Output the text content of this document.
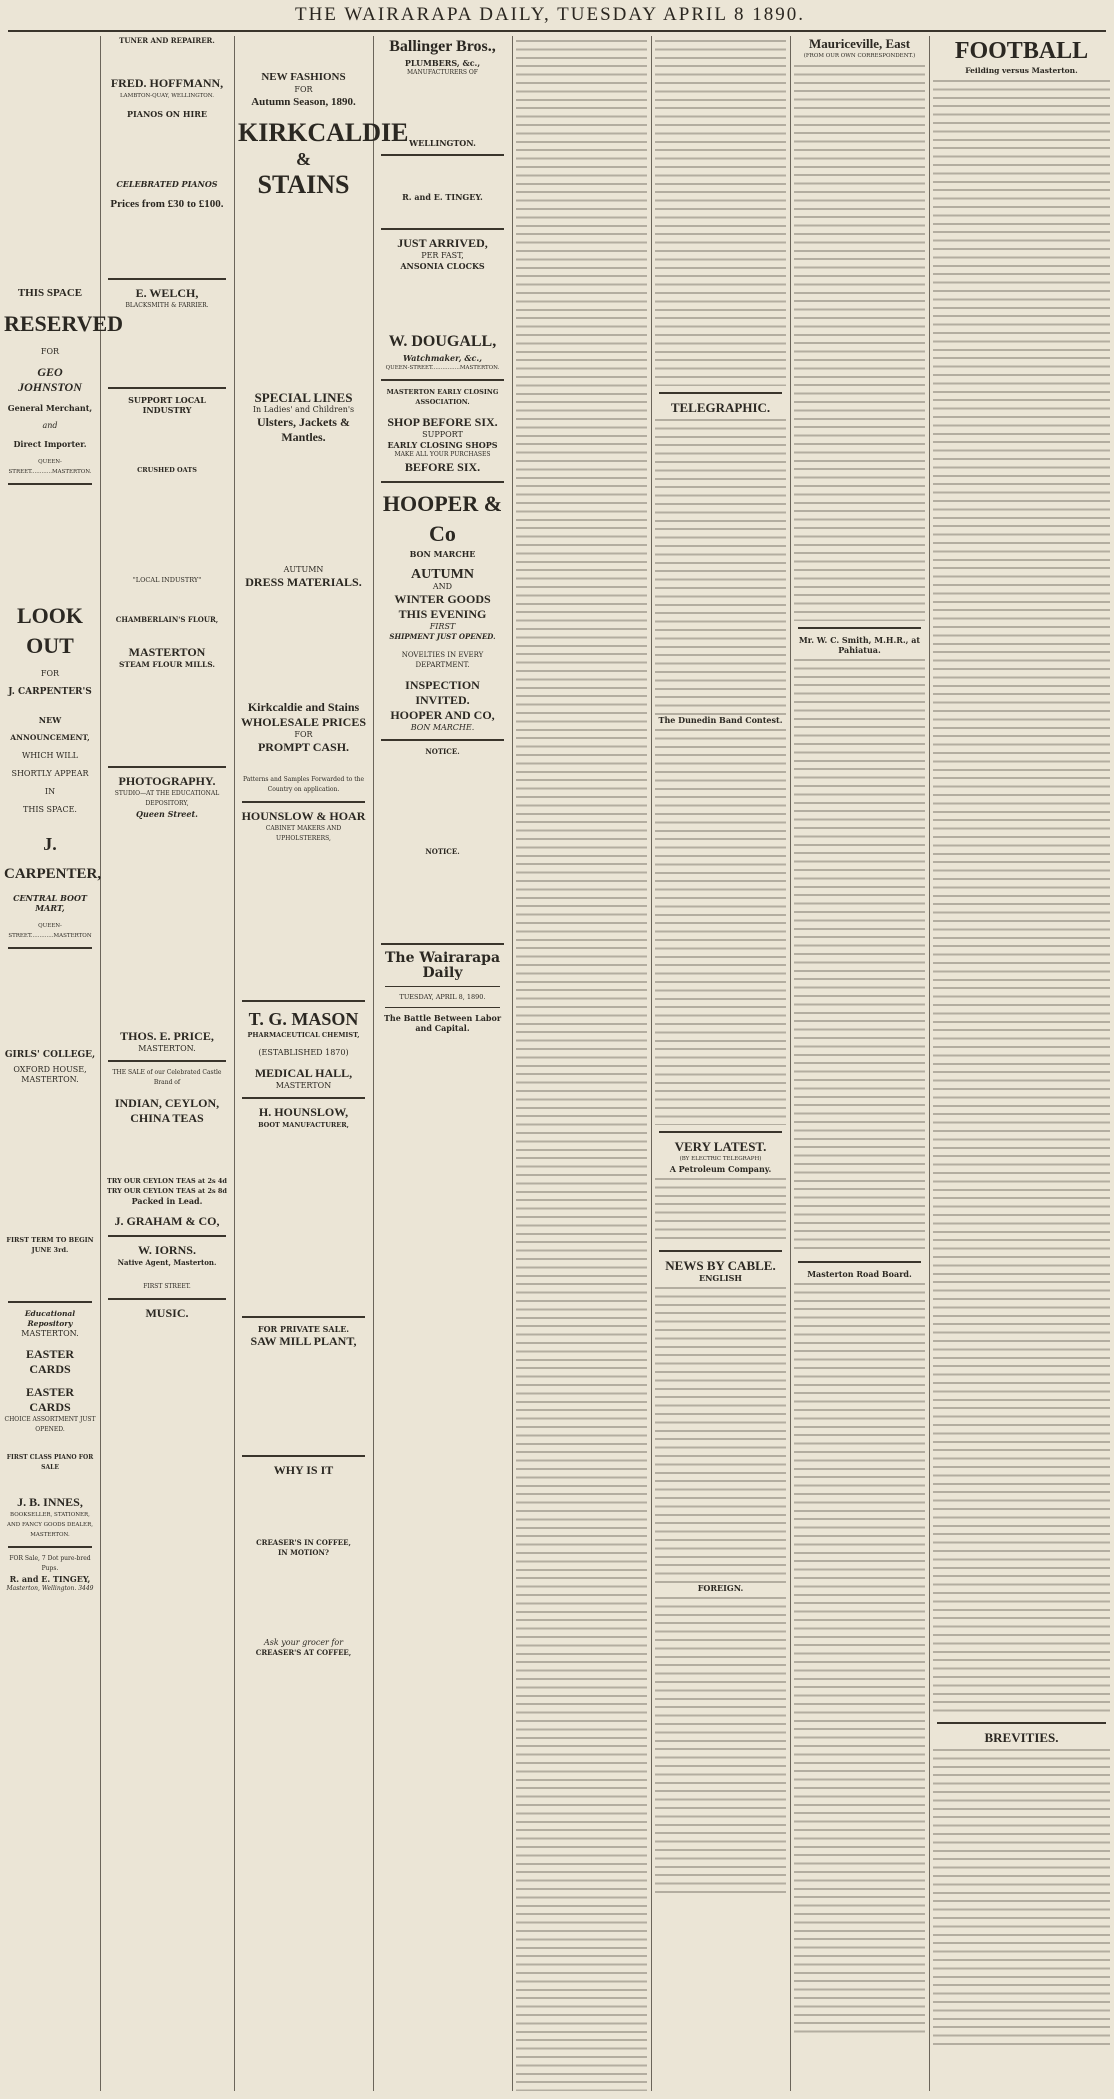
THE WAIRARAPA DAILY, TUESDAY APRIL 8 1890.
THIS SPACE
RESERVED
FOR
GEO JOHNSTON
General Merchant,
and
Direct Importer.
QUEEN-STREET............MASTERTON.
LOOK OUT
FOR
J. CARPENTER'S
NEW
ANNOUNCEMENT,
WHICH WILL
SHORTLY APPEAR
IN
THIS SPACE.
J.
CARPENTER,
CENTRAL BOOT MART,
QUEEN-STREET.............MASTERTON
GIRLS' COLLEGE,
OXFORD HOUSE,
MASTERTON.
FIRST TERM TO BEGIN JUNE 3rd.
Educational Repository
MASTERTON.
EASTER CARDS
EASTER CARDS
CHOICE ASSORTMENT JUST OPENED.
FIRST CLASS PIANO FOR SALE
J. B. INNES,
BOOKSELLER, STATIONER, AND FANCY GOODS DEALER, MASTERTON.
FOR Sale, 7 Dot pure-bred Pups.
R. and E. TINGEY,
Masterton, Wellington. 3449
TUNER AND REPAIRER.
FRED. HOFFMANN,
LAMBTON-QUAY, WELLINGTON.
PIANOS ON HIRE
CELEBRATED PIANOS
Prices from £30 to £100.
E. WELCH,
BLACKSMITH & FARRIER.
SUPPORT LOCAL INDUSTRY
CRUSHED OATS
"LOCAL INDUSTRY"
CHAMBERLAIN'S FLOUR,
MASTERTON
STEAM FLOUR MILLS.
PHOTOGRAPHY.
STUDIO—AT THE EDUCATIONAL DEPOSITORY,
Queen Street.
THOS. E. PRICE,
MASTERTON.
THE SALE of our Celebrated Castle Brand of
INDIAN, CEYLON,
CHINA TEAS
TRY OUR CEYLON TEAS at 2s 4d
TRY OUR CEYLON TEAS at 2s 8d
Packed in Lead.
J. GRAHAM & CO,
W. IORNS.
Native Agent, Masterton.
FIRST STREET.
MUSIC.
NEW FASHIONS
FOR
Autumn Season, 1890.
KIRKCALDIE
&
STAINS
SPECIAL LINES
In Ladies' and Children's
Ulsters, Jackets & Mantles.
AUTUMN
DRESS MATERIALS.
Kirkcaldie and Stains
WHOLESALE PRICES
FOR
PROMPT CASH.
Patterns and Samples Forwarded to the Country on application.
HOUNSLOW & HOAR
CABINET MAKERS AND UPHOLSTERERS,
T. G. MASON
PHARMACEUTICAL CHEMIST,
(ESTABLISHED 1870)
MEDICAL HALL,
MASTERTON
H. HOUNSLOW,
BOOT MANUFACTURER,
FOR PRIVATE SALE.
SAW MILL PLANT,
WHY IS IT
CREASER'S IN COFFEE,
IN MOTION?
Ask your grocer for
CREASER'S AT COFFEE,
Ballinger Bros.,
PLUMBERS, &c.,
MANUFACTURERS OF
WELLINGTON.
R. and E. TINGEY.
JUST ARRIVED,
PER FAST,
ANSONIA CLOCKS
W. DOUGALL,
Watchmaker, &c.,
QUEEN-STREET................MASTERTON.
MASTERTON EARLY CLOSING ASSOCIATION.
SHOP BEFORE SIX.
SUPPORT
EARLY CLOSING SHOPS
MAKE ALL YOUR PURCHASES
BEFORE SIX.
HOOPER & Co
BON MARCHE
AUTUMN
AND
WINTER GOODS
THIS EVENING
FIRST
SHIPMENT JUST OPENED.
NOVELTIES IN EVERY DEPARTMENT.
INSPECTION INVITED.
HOOPER AND CO,
BON MARCHE.
NOTICE.
NOTICE.
The Wairarapa Daily
TUESDAY, APRIL 8, 1890.
The Battle Between Labor and Capital.
TELEGRAPHIC.
The Dunedin Band Contest.
VERY LATEST.
(BY ELECTRIC TELEGRAPH)
A Petroleum Company.
NEWS BY CABLE.
ENGLISH
FOREIGN.
Mauriceville, East
(FROM OUR OWN CORRESPONDENT.)
Mr. W. C. Smith, M.H.R., at Pahiatua.
Masterton Road Board.
FOOTBALL
Feilding versus Masterton.
BREVITIES.
